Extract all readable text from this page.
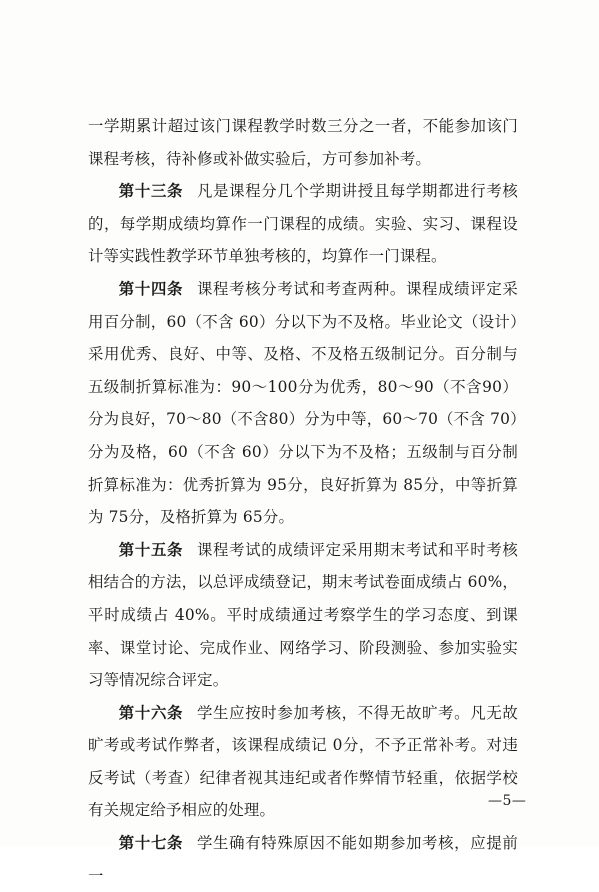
一学期累计超过该门课程教学时数三分之一者，不能参加该门课程考核，待补修或补做实验后，方可参加补考。

第十三条 凡是课程分几个学期讲授且每学期都进行考核的，每学期成绩均算作一门课程的成绩。实验、实习、课程设计等实践性教学环节单独考核的，均算作一门课程。

第十四条 课程考核分考试和考查两种。课程成绩评定采用百分制，60（不含 60）分以下为不及格。毕业论文（设计）采用优秀、良好、中等、及格、不及格五级制记分。百分制与五级制折算标准为：90～100分为优秀，80～90（不含90）分为良好，70～80（不含80）分为中等，60～70（不含 70）分为及格，60（不含 60）分以下为不及格；五级制与百分制折算标准为：优秀折算为 95分，良好折算为 85分，中等折算为 75分，及格折算为 65分。

第十五条 课程考试的成绩评定采用期末考试和平时考核相结合的方法，以总评成绩登记，期末考试卷面成绩占 60%，平时成绩占 40%。平时成绩通过考察学生的学习态度、到课率、课堂讨论、完成作业、网络学习、阶段测验、参加实验实习等情况综合评定。

第十六条 学生应按时参加考核，不得无故旷考。凡无故旷考或考试作弊者，该课程成绩记 0分，不予正常补考。对违反考试（考查）纪律者视其违纪或者作弊情节轻重，依据学校有关规定给予相应的处理。

第十七条 学生确有特殊原因不能如期参加考核，应提前一

—5—
